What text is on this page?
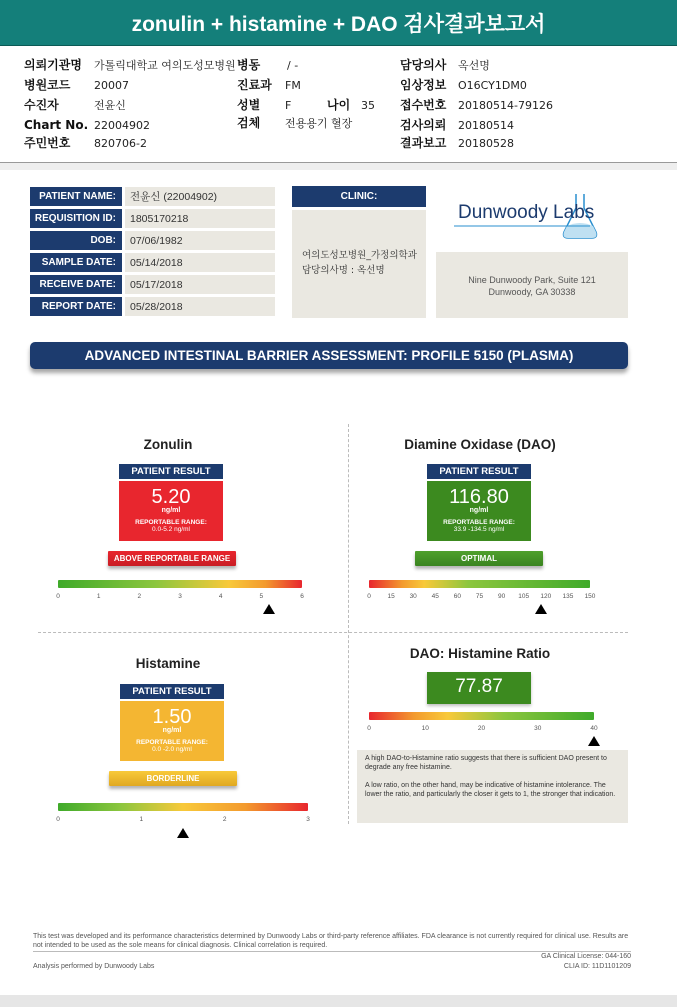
zonulin + histamine + DAO 검사결과보고서
의뢰기관명 가톨릭대학교 여의도성모병원
병원코드 20007
수진자	전윤신
Chart No. 22004902
주민번호 820706-2
병동 / -
진료과 FM
성별 F	나이 35
검체 전용용기 혈장
담당의사 옥선명
임상정보 O16CY1DM0
접수번호 20180514-79126
검사의뢰 20180514
결과보고 20180528
PATIENT NAME:	전윤신 (22004902)
REQUISITION ID:	1805170218
DOB:	07/06/1982
SAMPLE DATE:	05/14/2018
RECEIVE DATE:	05/17/2018
REPORT DATE:	05/28/2018
CLINIC:
여의도성모병원_가정의학과
담당의사명 : 옥선명
Dunwoody Labs
Nine Dunwoody Park, Suite 121
Dunwoody, GA 30338
ADVANCED INTESTINAL BARRIER ASSESSMENT: PROFILE 5150 (PLASMA)
Zonulin
PATIENT RESULT
5.20
ng/ml
REPORTABLE RANGE:
0.0-5.2 ng/ml
ABOVE REPORTABLE RANGE
0	1	2	3	4	5	6
Diamine Oxidase (DAO)
PATIENT RESULT
116.80
ng/ml
REPORTABLE RANGE:
33.9 -134.5 ng/ml
OPTIMAL
0	15 30 45 60 75 90 105 120 135 150
Histamine
PATIENT RESULT
1.50
ng/ml
REPORTABLE RANGE:
0.0 -2.0 ng/ml
BORDERLINE
0	1	2	3
DAO: Histamine Ratio
77.87
0	10	20	30	40

A high DAO-to-Histamine ratio suggests that there is sufficient DAO present to degrade any free histamine.

A low ratio, on the other hand, may be indicative of histamine intolerance. The lower the ratio, and particularly the closer it gets to 1, the stronger that indication.

This test was developed and its performance characteristics determined by Dunwoody Labs or third-party reference affiliates. FDA clearance is not currently required for clinical use. Results are not intended to be used as the sole means for clinical diagnosis. Clinical correlation is required.
Analysis performed by Dunwoody Labs
GA Clinical License: 044-160
CLIA ID: 11D1101209
